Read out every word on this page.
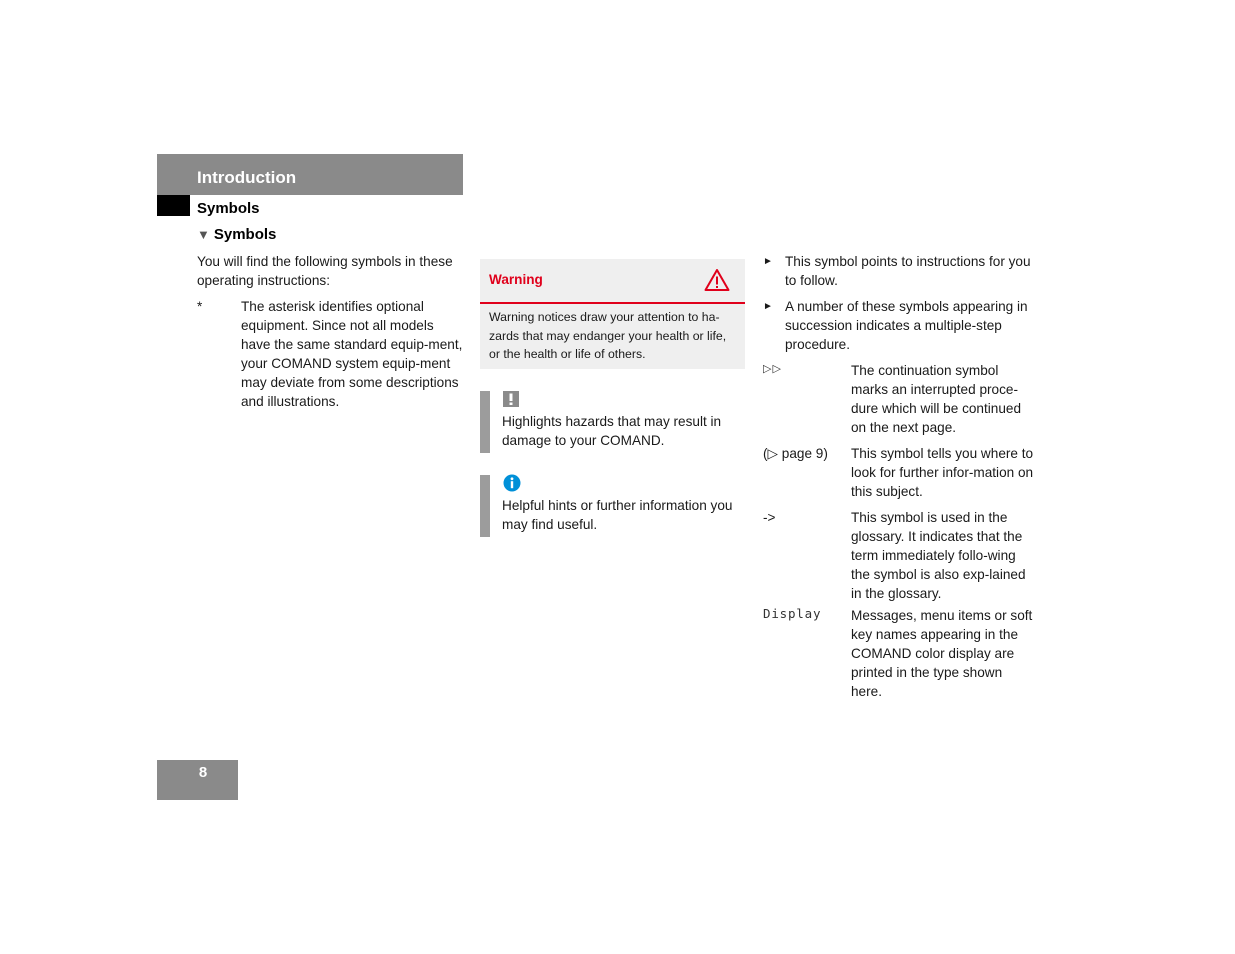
Introduction
Symbols
▼ Symbols
You will find the following symbols in these operating instructions:
*	The asterisk identifies optional equipment. Since not all models have the same standard equip-ment, your COMAND system equip-ment may deviate from some descriptions and illustrations.
Warning
Warning notices draw your attention to ha-zards that may endanger your health or life, or the health or life of others.
Highlights hazards that may result in damage to your COMAND.
Helpful hints or further information you may find useful.
► This symbol points to instructions for you to follow.
► A number of these symbols appearing in succession indicates a multiple-step procedure.
▷▷	The continuation symbol marks an interrupted proce-dure which will be continued on the next page.
(▷ page 9) This symbol tells you where to look for further infor-mation on this subject.
->	This symbol is used in the glossary. It indicates that the term immediately follo-wing the symbol is also exp-lained in the glossary.
Display Messages, menu items or soft key names appearing in the COMAND color display are printed in the type shown here.
8
